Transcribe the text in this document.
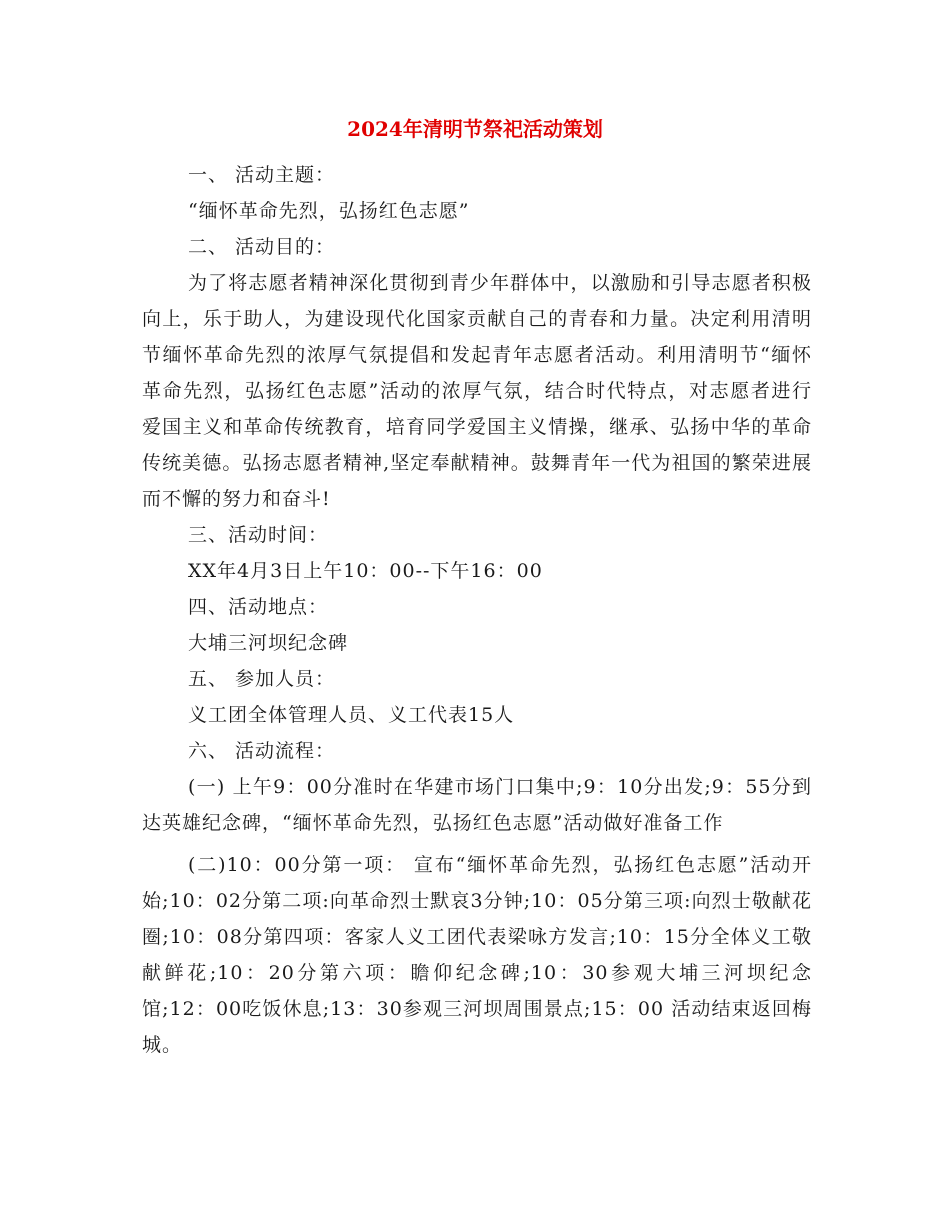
2024年清明节祭祀活动策划

一、 活动主题：

“缅怀革命先烈，弘扬红色志愿”

二、 活动目的：

为了将志愿者精神深化贯彻到青少年群体中，以激励和引导志愿者积极向上，乐于助人，为建设现代化国家贡献自己的青春和力量。决定利用清明节缅怀革命先烈的浓厚气氛提倡和发起青年志愿者活动。利用清明节“缅怀革命先烈，弘扬红色志愿”活动的浓厚气氛，结合时代特点，对志愿者进行爱国主义和革命传统教育，培育同学爱国主义情操，继承、弘扬中华的革命传统美德。弘扬志愿者精神,坚定奉献精神。鼓舞青年一代为祖国的繁荣进展而不懈的努力和奋斗!

三、活动时间：

XX年4月3日上午10：00--下午16：00

四、活动地点：

大埔三河坝纪念碑

五、 参加人员：

义工团全体管理人员、义工代表15人

六、 活动流程：

(一) 上午9：00分准时在华建市场门口集中;9：10分出发;9：55分到达英雄纪念碑，“缅怀革命先烈，弘扬红色志愿”活动做好准备工作

(二)10：00分第一项： 宣布“缅怀革命先烈，弘扬红色志愿”活动开始;10：02分第二项:向革命烈士默哀3分钟;10：05分第三项:向烈士敬献花圈;10：08分第四项：客家人义工团代表梁咏方发言;10：15分全体义工敬献鲜花;10：20分第六项：瞻仰纪念碑;10：30参观大埔三河坝纪念馆;12：00吃饭休息;13：30参观三河坝周围景点;15：00 活动结束返回梅城。
